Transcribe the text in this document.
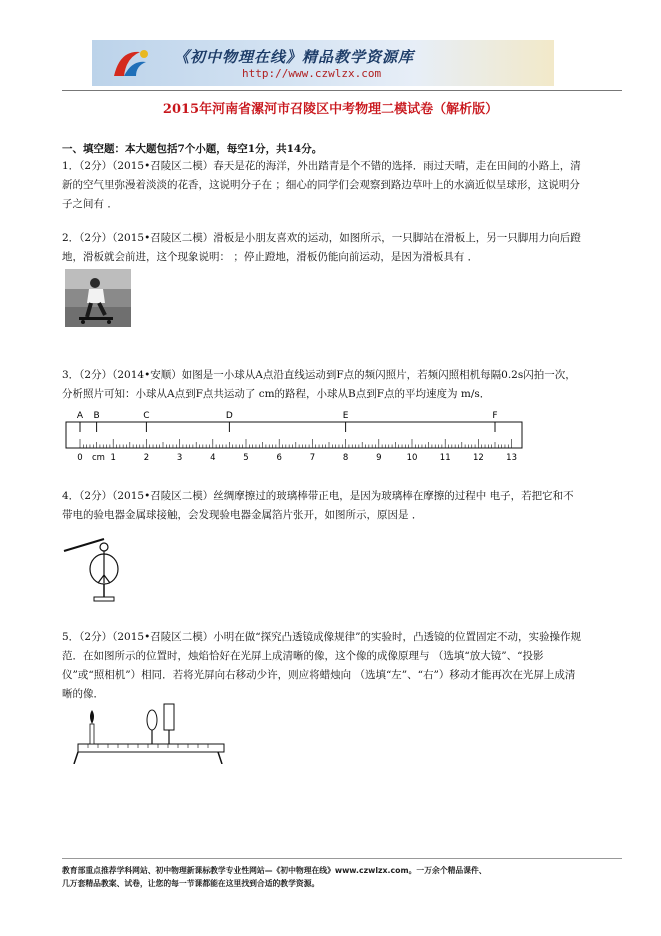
《初中物理在线》精品教学资源库
http://www.czwlzx.com
2015年河南省漯河市召陵区中考物理二模试卷（解析版）
一、填空题：本大题包括7个小题，每空1分，共14分。
1．（2分）（2015•召陵区二模）春天是花的海洋，外出踏青是个不错的选择．雨过天晴，走在田间的小路上，清新的空气里弥漫着淡淡的花香，这说明分子在 ；细心的同学们会观察到路边草叶上的水滴近似呈球形，这说明分子之间有 ．
2．（2分）（2015•召陵区二模）滑板是小朋友喜欢的运动，如图所示，一只脚站在滑板上，另一只脚用力向后蹬地，滑板就会前进，这个现象说明： ；停止蹬地，滑板仍能向前运动，是因为滑板具有 ．
3．（2分）（2014•安顺）如图是一小球从A点沿直线运动到F点的频闪照片，若频闪照相机每隔0.2s闪拍一次，分析照片可知：小球从A点到F点共运动了 cm的路程，小球从B点到F点的平均速度为 m/s．
A B	C	D	E	F
0	1	2	3	4	5	6	7	8	9	10	11	12	13
cm
4．（2分）（2015•召陵区二模）丝绸摩擦过的玻璃棒带正电，是因为玻璃棒在摩擦的过程中 电子，若把它和不带电的验电器金属球接触，会发现验电器金属箔片张开，如图所示，原因是 ．
5．（2分）（2015•召陵区二模）小明在做“探究凸透镜成像规律”的实验时，凸透镜的位置固定不动，实验操作规范．在如图所示的位置时，烛焰恰好在光屏上成清晰的像，这个像的成像原理与 （选填“放大镜”、“投影仪”或“照相机”）相同．若将光屏向右移动少许，则应将蜡烛向 （选填“左”、“右”）移动才能再次在光屏上成清晰的像．
教育部重点推荐学科网站、初中物理新课标教学专业性网站—《初中物理在线》www.czwlzx.com。一万余个精品课件、
几万套精品教案、试卷，让您的每一节课都能在这里找到合适的教学资源。
